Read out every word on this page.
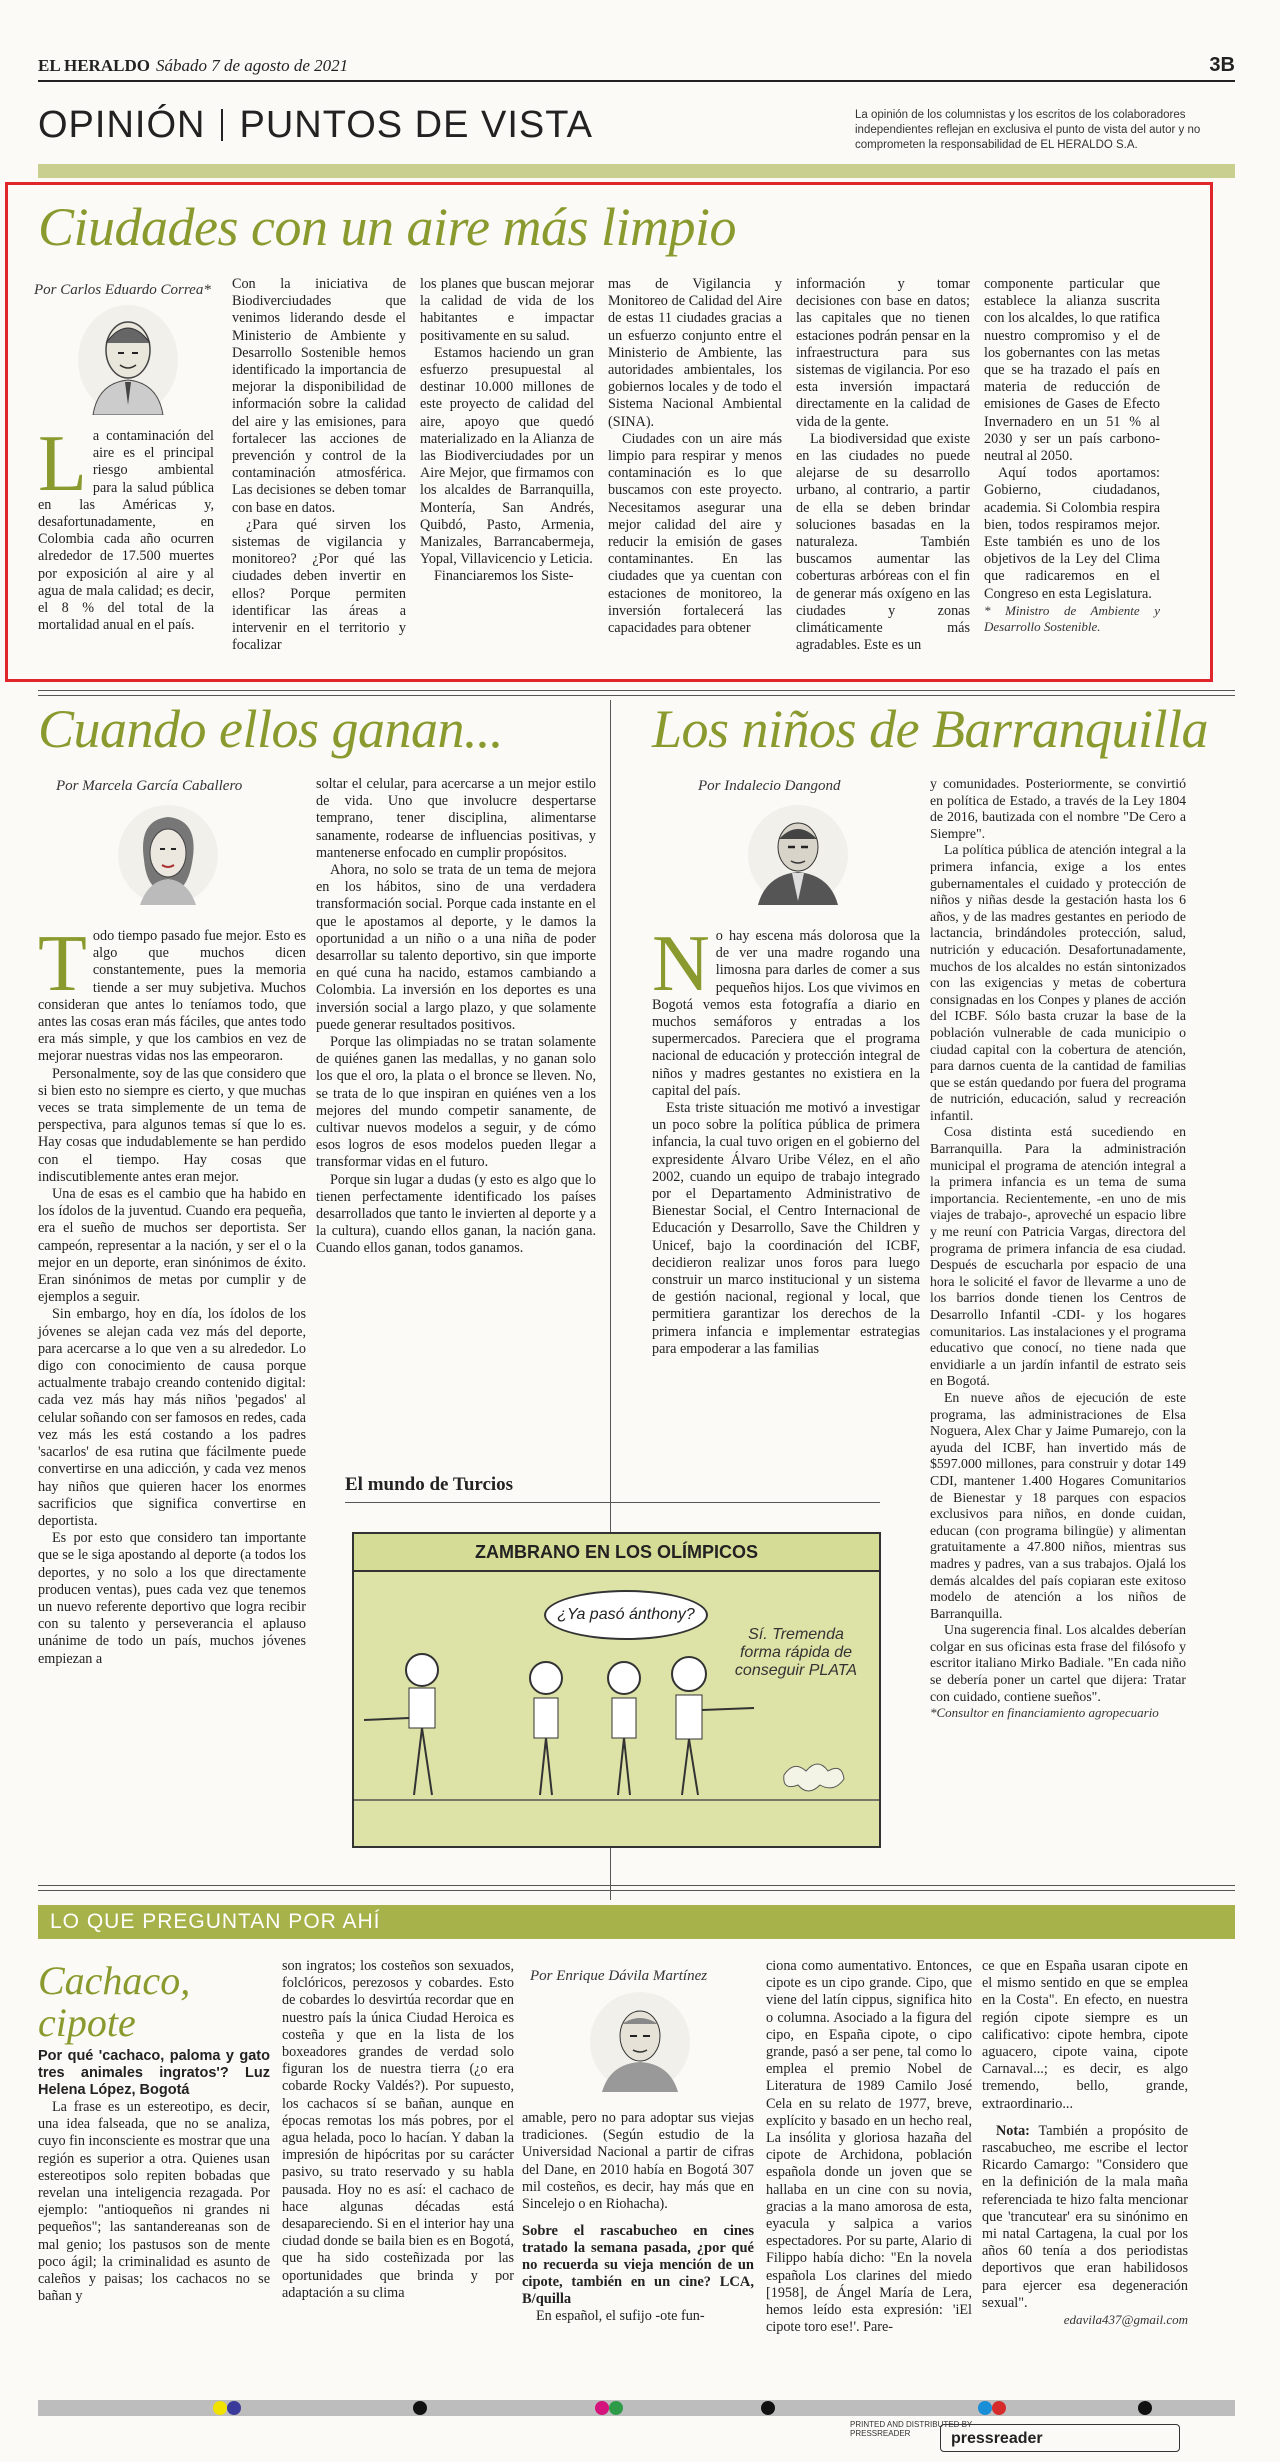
EL HERALDO Sábado 7 de agosto de 2021	3B
OPINIÓN PUNTOS DE VISTA	La opinión de los columnistas y los escritos de los colaboradores independientes reflejan en exclusiva el punto de vista del autor y no comprometen la responsabilidad de EL HERALDO S.A.
Ciudades con un aire más limpio
Por Carlos Eduardo Correa*

La contaminación del aire es el principal riesgo ambiental para la salud pública en las Américas y, desafortunadamente, en Colombia cada año ocurren alrededor de 17.500 muertes por exposición al aire y al agua de mala calidad; es decir, el 8 % del total de la mortalidad anual en el país.

Con la iniciativa de Biodiverciudades que venimos liderando desde el Ministerio de Ambiente y Desarrollo Sostenible hemos identificado la importancia de mejorar la disponibilidad de información sobre la calidad del aire y las emisiones, para fortalecer las acciones de prevención y control de la contaminación atmosférica. Las decisiones se deben tomar con base en datos.

¿Para qué sirven los sistemas de vigilancia y monitoreo? ¿Por qué las ciudades deben invertir en ellos? Porque permiten identificar las áreas a intervenir en el territorio y focalizar

los planes que buscan mejorar la calidad de vida de los habitantes e impactar positivamente en su salud.

Estamos haciendo un gran esfuerzo presupuestal al destinar 10.000 millones de este proyecto de calidad del aire, apoyo que quedó materializado en la Alianza de las Biodiverciudades por un Aire Mejor, que firmamos con los alcaldes de Barranquilla, Montería, San Andrés, Quibdó, Pasto, Armenia, Manizales, Barrancabermeja, Yopal, Villavicencio y Leticia.

Financiaremos los Siste-

mas de Vigilancia y Monitoreo de Calidad del Aire de estas 11 ciudades gracias a un esfuerzo conjunto entre el Ministerio de Ambiente, las autoridades ambientales, los gobiernos locales y de todo el Sistema Nacional Ambiental (SINA).

Ciudades con un aire más limpio para respirar y menos contaminación es lo que buscamos con este proyecto. Necesitamos asegurar una mejor calidad del aire y reducir la emisión de gases contaminantes. En las ciudades que ya cuentan con estaciones de monitoreo, la inversión fortalecerá las capacidades para obtener

información y tomar decisiones con base en datos; las capitales que no tienen estaciones podrán pensar en la infraestructura para sus sistemas de vigilancia. Por eso esta inversión impactará directamente en la calidad de vida de la gente.

La biodiversidad que existe en las ciudades no puede alejarse de su desarrollo urbano, al contrario, a partir de ella se deben brindar soluciones basadas en la naturaleza. También buscamos aumentar las coberturas arbóreas con el fin de generar más oxígeno en las ciudades y zonas climáticamente más agradables. Este es un

componente particular que establece la alianza suscrita con los alcaldes, lo que ratifica nuestro compromiso y el de los gobernantes con las metas que se ha trazado el país en materia de reducción de emisiones de Gases de Efecto Invernadero en un 51 % al 2030 y ser un país carbono-neutral al 2050.

Aquí todos aportamos: Gobierno, ciudadanos, academia. Si Colombia respira bien, todos respiramos mejor. Este también es uno de los objetivos de la Ley del Clima que radicaremos en el Congreso en esta Legislatura.

* Ministro de Ambiente y Desarrollo Sostenible.

Cuando ellos ganan...
Por Marcela García Caballero

Todo tiempo pasado fue mejor. Esto es algo que muchos dicen constantemente, pues la memoria tiende a ser muy subjetiva. Muchos consideran que antes lo teníamos todo, que antes las cosas eran más fáciles, que antes todo era más simple, y que los cambios en vez de mejorar nuestras vidas nos las empeoraron.

Personalmente, soy de las que considero que si bien esto no siempre es cierto, y que muchas veces se trata simplemente de un tema de perspectiva, para algunos temas sí que lo es. Hay cosas que indudablemente se han perdido con el tiempo. Hay cosas que indiscutiblemente antes eran mejor.

Una de esas es el cambio que ha habido en los ídolos de la juventud. Cuando era pequeña, era el sueño de muchos ser deportista. Ser campeón, representar a la nación, y ser el o la mejor en un deporte, eran sinónimos de éxito. Eran sinónimos de metas por cumplir y de ejemplos a seguir.

Sin embargo, hoy en día, los ídolos de los jóvenes se alejan cada vez más del deporte, para acercarse a lo que ven a su alrededor. Lo digo con conocimiento de causa porque actualmente trabajo creando contenido digital: cada vez más hay más niños 'pegados' al celular soñando con ser famosos en redes, cada vez más les está costando a los padres 'sacarlos' de esa rutina que fácilmente puede convertirse en una adicción, y cada vez menos hay niños que quieren hacer los enormes sacrificios que significa convertirse en deportista.

Es por esto que considero tan importante que se le siga apostando al deporte (a todos los deportes, y no solo a los que directamente producen ventas), pues cada vez que tenemos un nuevo referente deportivo que logra recibir con su talento y perseverancia el aplauso unánime de todo un país, muchos jóvenes empiezan a

soltar el celular, para acercarse a un mejor estilo de vida. Uno que involucre despertarse temprano, tener disciplina, alimentarse sanamente, rodearse de influencias positivas, y mantenerse enfocado en cumplir propósitos.

Ahora, no solo se trata de un tema de mejora en los hábitos, sino de una verdadera transformación social. Porque cada instante en el que le apostamos al deporte, y le damos la oportunidad a un niño o a una niña de poder desarrollar su talento deportivo, sin que importe en qué cuna ha nacido, estamos cambiando a Colombia. La inversión en los deportes es una inversión social a largo plazo, y que solamente puede generar resultados positivos.

Porque las olimpiadas no se tratan solamente de quiénes ganen las medallas, y no ganan solo los que el oro, la plata o el bronce se lleven. No, se trata de lo que inspiran en quiénes ven a los mejores del mundo competir sanamente, de cultivar nuevos modelos a seguir, y de cómo esos logros de esos modelos pueden llegar a transformar vidas en el futuro.

Porque sin lugar a dudas (y esto es algo que lo tienen perfectamente identificado los países desarrollados que tanto le invierten al deporte y a la cultura), cuando ellos ganan, la nación gana. Cuando ellos ganan, todos ganamos.

Los niños de Barranquilla
Por Indalecio Dangond

No hay escena más dolorosa que la de ver una madre rogando una limosna para darles de comer a sus pequeños hijos. Los que vivimos en Bogotá vemos esta fotografía a diario en muchos semáforos y entradas a los supermercados. Pareciera que el programa nacional de educación y protección integral de niños y madres gestantes no existiera en la capital del país.

Esta triste situación me motivó a investigar un poco sobre la política pública de primera infancia, la cual tuvo origen en el gobierno del expresidente Álvaro Uribe Vélez, en el año 2002, cuando un equipo de trabajo integrado por el Departamento Administrativo de Bienestar Social, el Centro Internacional de Educación y Desarrollo, Save the Children y Unicef, bajo la coordinación del ICBF, decidieron realizar unos foros para luego construir un marco institucional y un sistema de gestión nacional, regional y local, que permitiera garantizar los derechos de la primera infancia e implementar estrategias para empoderar a las familias

y comunidades. Posteriormente, se convirtió en política de Estado, a través de la Ley 1804 de 2016, bautizada con el nombre "De Cero a Siempre".

La política pública de atención integral a la primera infancia, exige a los entes gubernamentales el cuidado y protección de niños y niñas desde la gestación hasta los 6 años, y de las madres gestantes en periodo de lactancia, brindándoles protección, salud, nutrición y educación. Desafortunadamente, muchos de los alcaldes no están sintonizados con las exigencias y metas de cobertura consignadas en los Conpes y planes de acción del ICBF. Sólo basta cruzar la base de la población vulnerable de cada municipio o ciudad capital con la cobertura de atención, para darnos cuenta de la cantidad de familias que se están quedando por fuera del programa de nutrición, educación, salud y recreación infantil.

Cosa distinta está sucediendo en Barranquilla. Para la administración municipal el programa de atención integral a la primera infancia es un tema de suma importancia. Recientemente, -en uno de mis viajes de trabajo-, aproveché un espacio libre y me reuní con Patricia Vargas, directora del programa de primera infancia de esa ciudad. Después de escucharla por espacio de una hora le solicité el favor de llevarme a uno de los barrios donde tienen los Centros de Desarrollo Infantil -CDI- y los hogares comunitarios. Las instalaciones y el programa educativo que conocí, no tiene nada que envidiarle a un jardín infantil de estrato seis en Bogotá.

En nueve años de ejecución de este programa, las administraciones de Elsa Noguera, Alex Char y Jaime Pumarejo, con la ayuda del ICBF, han invertido más de $597.000 millones, para construir y dotar 149 CDI, mantener 1.400 Hogares Comunitarios de Bienestar y 18 parques con espacios exclusivos para niños, en donde cuidan, educan (con programa bilingüe) y alimentan gratuitamente a 47.800 niños, mientras sus madres y padres, van a sus trabajos. Ojalá los demás alcaldes del país copiaran este exitoso modelo de atención a los niños de Barranquilla.

Una sugerencia final. Los alcaldes deberían colgar en sus oficinas esta frase del filósofo y escritor italiano Mirko Badiale. "En cada niño se debería poner un cartel que dijera: Tratar con cuidado, contiene sueños".

*Consultor en financiamiento agropecuario

El mundo de Turcios
ZAMBRANO EN LOS OLÍMPICOS
¿Ya pasó ánthony?
Sí. Tremenda forma rápida de conseguir PLATA
LO QUE PREGUNTAN POR AHÍ
Cachaco, cipote

Por qué 'cachaco, paloma y gato tres animales ingratos'? Luz Helena López, Bogotá

La frase es un estereotipo, es decir, una idea falseada, que no se analiza, cuyo fin inconsciente es mostrar que una región es superior a otra. Quienes usan estereotipos solo repiten bobadas que revelan una inteligencia rezagada. Por ejemplo: "antioqueños ni grandes ni pequeños"; las santandereanas son de mal genio; los pastusos son de mente poco ágil; la criminalidad es asunto de caleños y paisas; los cachacos no se bañan y

son ingratos; los costeños son sexuados, folclóricos, perezosos y cobardes. Esto de cobardes lo desvirtúa recordar que en nuestro país la única Ciudad Heroica es costeña y que en la lista de los boxeadores grandes de verdad solo figuran los de nuestra tierra (¿o era cobarde Rocky Valdés?). Por supuesto, los cachacos sí se bañan, aunque en épocas remotas los más pobres, por el agua helada, poco lo hacían. Y daban la impresión de hipócritas por su carácter pasivo, su trato reservado y su habla pausada. Hoy no es así: el cachaco de hace algunas décadas está desapareciendo. Si en el interior hay una ciudad donde se baila bien es en Bogotá, que ha sido costeñizada por las oportunidades que brinda y por adaptación a su clima

Por Enrique Dávila Martínez

amable, pero no para adoptar sus viejas tradiciones. (Según estudio de la Universidad Nacional a partir de cifras del Dane, en 2010 había en Bogotá 307 mil costeños, es decir, hay más que en Sincelejo o en Riohacha).

Sobre el rascabucheo en cines tratado la semana pasada, ¿por qué no recuerda su vieja mención de un cipote, también en un cine? LCA, B/quilla

En español, el sufijo -ote fun-

ciona como aumentativo. Entonces, cipote es un cipo grande. Cipo, que viene del latín cippus, significa hito o columna. Asociado a la figura del cipo, en España cipote, o cipo grande, pasó a ser pene, tal como lo emplea el premio Nobel de Literatura de 1989 Camilo José Cela en su relato de 1977, breve, explícito y basado en un hecho real, La insólita y gloriosa hazaña del cipote de Archidona, población española donde un joven que se hallaba en un cine con su novia, gracias a la mano amorosa de esta, eyacula y salpica a varios espectadores. Por su parte, Alario di Filippo había dicho: "En la novela española Los clarines del miedo [1958], de Ángel María de Lera, hemos leído esta expresión: 'iEl cipote toro ese!'. Pare-

ce que en España usaran cipote en el mismo sentido en que se emplea en la Costa". En efecto, en nuestra región cipote siempre es un calificativo: cipote hembra, cipote aguacero, cipote vaina, cipote Carnaval...; es decir, es algo tremendo, bello, grande, extraordinario...

Nota: También a propósito de rascabucheo, me escribe el lector Ricardo Camargo: "Considero que en la definición de la mala maña referenciada te hizo falta mencionar que 'trancutear' era su sinónimo en mi natal Cartagena, la cual por los años 60 tenía a dos periodistas deportivos que eran habilidosos para ejercer esa degeneración sexual".

edavila437@gmail.com

PRINTED AND DISTRIBUTED BY PRESSREADER	pressreader
